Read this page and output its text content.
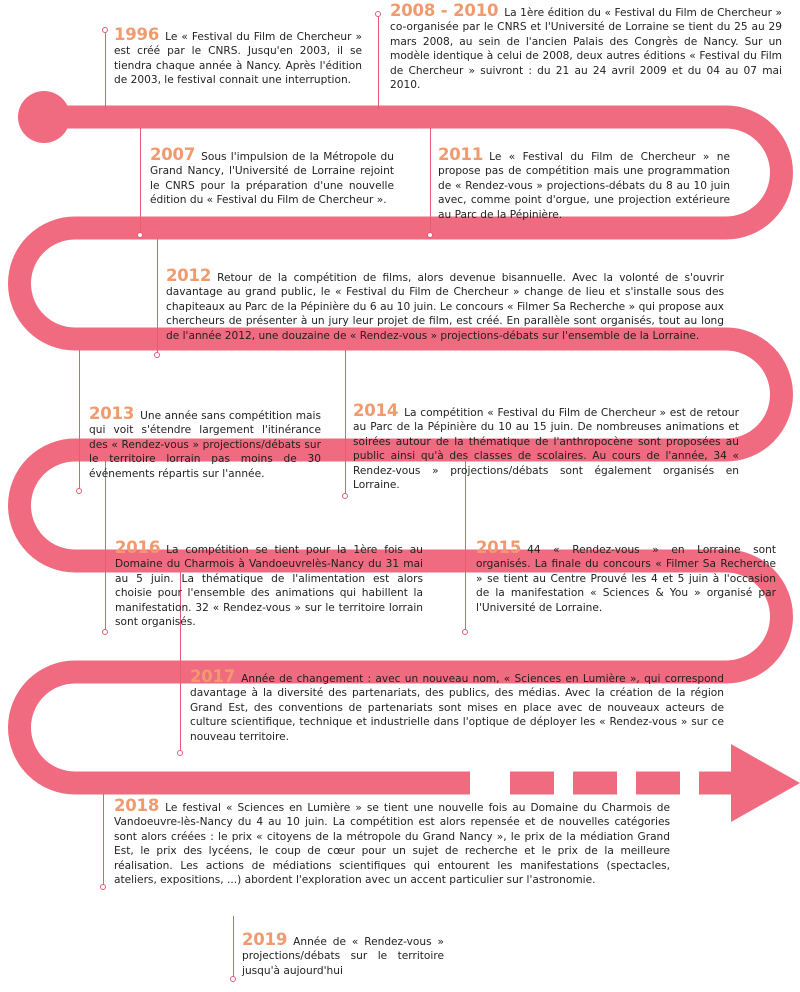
1996 Le « Festival du Film de Chercheur » est créé par le CNRS. Jusqu'en 2003, il se tiendra chaque année à Nancy. Après l'édition de 2003, le festival connait une interruption.
2008 - 2010 La 1ère édition du « Festival du Film de Chercheur » co-organisée par le CNRS et l'Université de Lorraine se tient du 25 au 29 mars 2008, au sein de l'ancien Palais des Congrès de Nancy. Sur un modèle identique à celui de 2008, deux autres éditions « Festival du Film de Chercheur » suivront : du 21 au 24 avril 2009 et du 04 au 07 mai 2010.
2007 Sous l'impulsion de la Métropole du Grand Nancy, l'Université de Lorraine rejoint le CNRS pour la préparation d'une nouvelle édition du « Festival du Film de Chercheur ».
2011 Le « Festival du Film de Chercheur » ne propose pas de compétition mais une programmation de « Rendez-vous » projections-débats du 8 au 10 juin avec, comme point d'orgue, une projection extérieure au Parc de la Pépinière.
2012 Retour de la compétition de films, alors devenue bisannuelle. Avec la volonté de s'ouvrir davantage au grand public, le « Festival du Film de Chercheur » change de lieu et s'installe sous des chapiteaux au Parc de la Pépinière du 6 au 10 juin. Le concours « Filmer Sa Recherche » qui propose aux chercheurs de présenter à un jury leur projet de film, est créé. En parallèle sont organisés, tout au long de l'année 2012, une douzaine de « Rendez-vous » projections-débats sur l'ensemble de la Lorraine.
2013 Une année sans compétition mais qui voit s'étendre largement l'itinérance des « Rendez-vous » projections/débats sur le territoire lorrain pas moins de 30 événements répartis sur l'année.
2014 La compétition « Festival du Film de Chercheur » est de retour au Parc de la Pépinière du 10 au 15 juin. De nombreuses animations et soirées autour de la thématique de l'anthropocène sont proposées au public ainsi qu'à des classes de scolaires. Au cours de l'année, 34 « Rendez-vous » projections/débats sont également organisés en Lorraine.
2016 La compétition se tient pour la 1ère fois au Domaine du Charmois à Vandoeuvrelès-Nancy du 31 mai au 5 juin. La thématique de l'alimentation est alors choisie pour l'ensemble des animations qui habillent la manifestation. 32 « Rendez-vous » sur le territoire lorrain sont organisés.
2015 44 « Rendez-vous » en Lorraine sont organisés. La finale du concours « Filmer Sa Recherche » se tient au Centre Prouvé les 4 et 5 juin à l'occasion de la manifestation « Sciences & You » organisé par l'Université de Lorraine.
2017 Année de changement : avec un nouveau nom, « Sciences en Lumière », qui correspond davantage à la diversité des partenariats, des publics, des médias. Avec la création de la région Grand Est, des conventions de partenariats sont mises en place avec de nouveaux acteurs de culture scientifique, technique et industrielle dans l'optique de déployer les « Rendez-vous » sur ce nouveau territoire.
2018 Le festival « Sciences en Lumière » se tient une nouvelle fois au Domaine du Charmois de Vandoeuvre-lès-Nancy du 4 au 10 juin. La compétition est alors repensée et de nouvelles catégories sont alors créées : le prix « citoyens de la métropole du Grand Nancy », le prix de la médiation Grand Est, le prix des lycéens, le coup de cœur pour un sujet de recherche et le prix de la meilleure réalisation. Les actions de médiations scientifiques qui entourent les manifestations (spectacles, ateliers, expositions, ...) abordent l'exploration avec un accent particulier sur l'astronomie.
2019 Année de « Rendez-vous » projections/débats sur le territoire jusqu'à aujourd'hui
